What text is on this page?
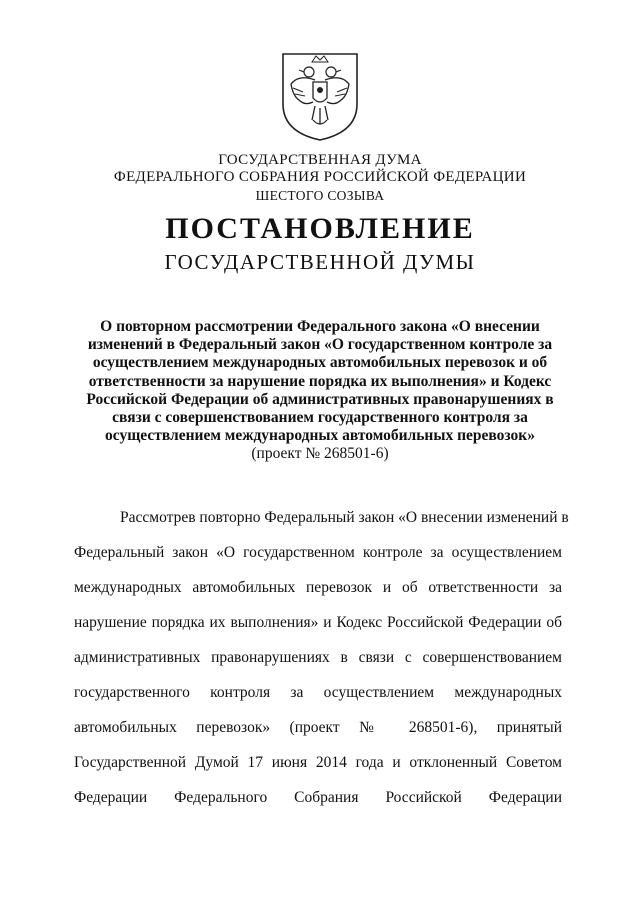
ГОСУДАРСТВЕННАЯ ДУМА
ФЕДЕРАЛЬНОГО СОБРАНИЯ РОССИЙСКОЙ ФЕДЕРАЦИИ
ШЕСТОГО СОЗЫВА
ПОСТАНОВЛЕНИЕ
ГОСУДАРСТВЕННОЙ ДУМЫ
О повторном рассмотрении Федерального закона «О внесении
изменений в Федеральный закон «О государственном контроле за
осуществлением международных автомобильных перевозок и об
ответственности за нарушение порядка их выполнения» и Кодекс
Российской Федерации об административных правонарушениях в
связи с совершенствованием государственного контроля за
осуществлением международных автомобильных перевозок»
(проект № 268501-6)
Рассмотрев повторно Федеральный закон «О внесении изменений в
Федеральный закон «О государственном контроле за осуществлением
международных автомобильных перевозок и об ответственности за
нарушение порядка их выполнения» и Кодекс Российской Федерации об
административных правонарушениях в связи с совершенствованием
государственного контроля за осуществлением международных
автомобильных перевозок» (проект № 268501-6), принятый
Государственной Думой 17 июня 2014 года и отклоненный Советом
Федерации Федерального Собрания Российской Федерации
